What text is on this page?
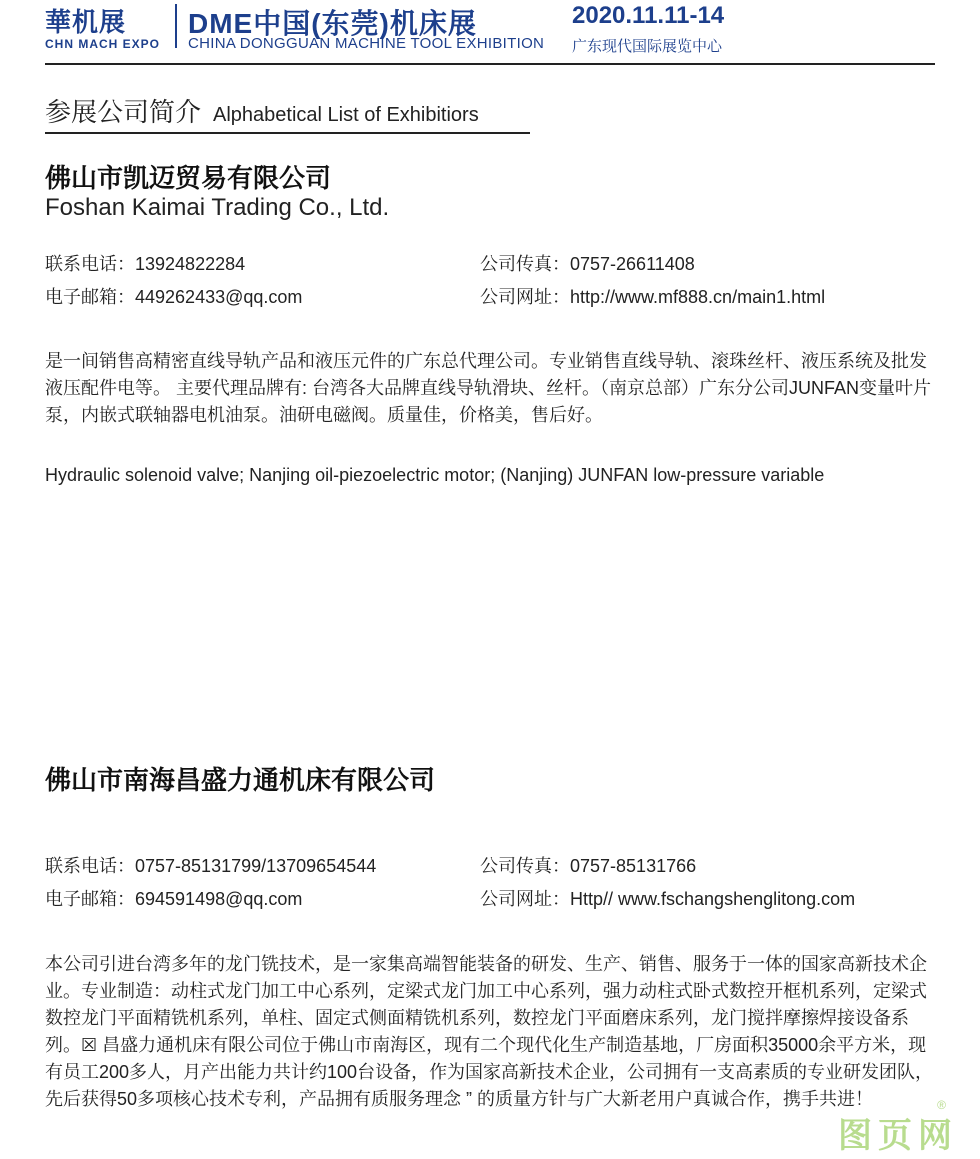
華机展
CHN MACH EXPO
DME中国(东莞)机床展	2020.11.11-14
CHINA DONGGUAN MACHINE TOOL EXHIBITION 广东现代国际展览中心
参展公司简介 Alphabetical List of Exhibitiors
佛山市凯迈贸易有限公司
Foshan Kaimai Trading Co., Ltd.
联系电话：13924822284	公司传真：0757-26611408
电子邮箱：449262433@qq.com	公司网址：http://www.mf888.cn/main1.html

是一间销售高精密直线导轨产品和液压元件的广东总代理公司。专业销售直线导轨、滚珠丝杆、液压系统及批发液压配件电等。 主要代理品牌有: 台湾各大品牌直线导轨滑块、丝杆。（南京总部）广东分公司JUNFAN变量叶片泵，内嵌式联轴器电机油泵。油研电磁阀。质量佳，价格美，售后好。

Hydraulic solenoid valve; Nanjing oil-piezoelectric motor; (Nanjing) JUNFAN low-pressure variable

佛山市南海昌盛力通机床有限公司
联系电话：0757-85131799/13709654544	公司传真：0757-85131766
电子邮箱：694591498@qq.com	公司网址：Http// www.fschangshenglitong.com

本公司引进台湾多年的龙门铣技术，是一家集高端智能装备的研发、生产、销售、服务于一体的国家高新技术企业。专业制造：动柱式龙门加工中心系列，定梁式龙门加工中心系列，强力动柱式卧式数控开框机系列，定梁式数控龙门平面精铣机系列，单柱、固定式侧面精铣机系列，数控龙门平面磨床系列，龙门搅拌摩擦焊接设备系列。☒ 昌盛力通机床有限公司位于佛山市南海区，现有二个现代化生产制造基地，厂房面积35000余平方米，现有员工200多人，月产出能力共计约100台设备，作为国家高新技术企业，公司拥有一支高素质的专业研发团队，先后获得50多项核心技术专利，产品拥有质服务理念 ” 的质量方针与广大新老用户真诚合作，携手共进！	®
图页网
